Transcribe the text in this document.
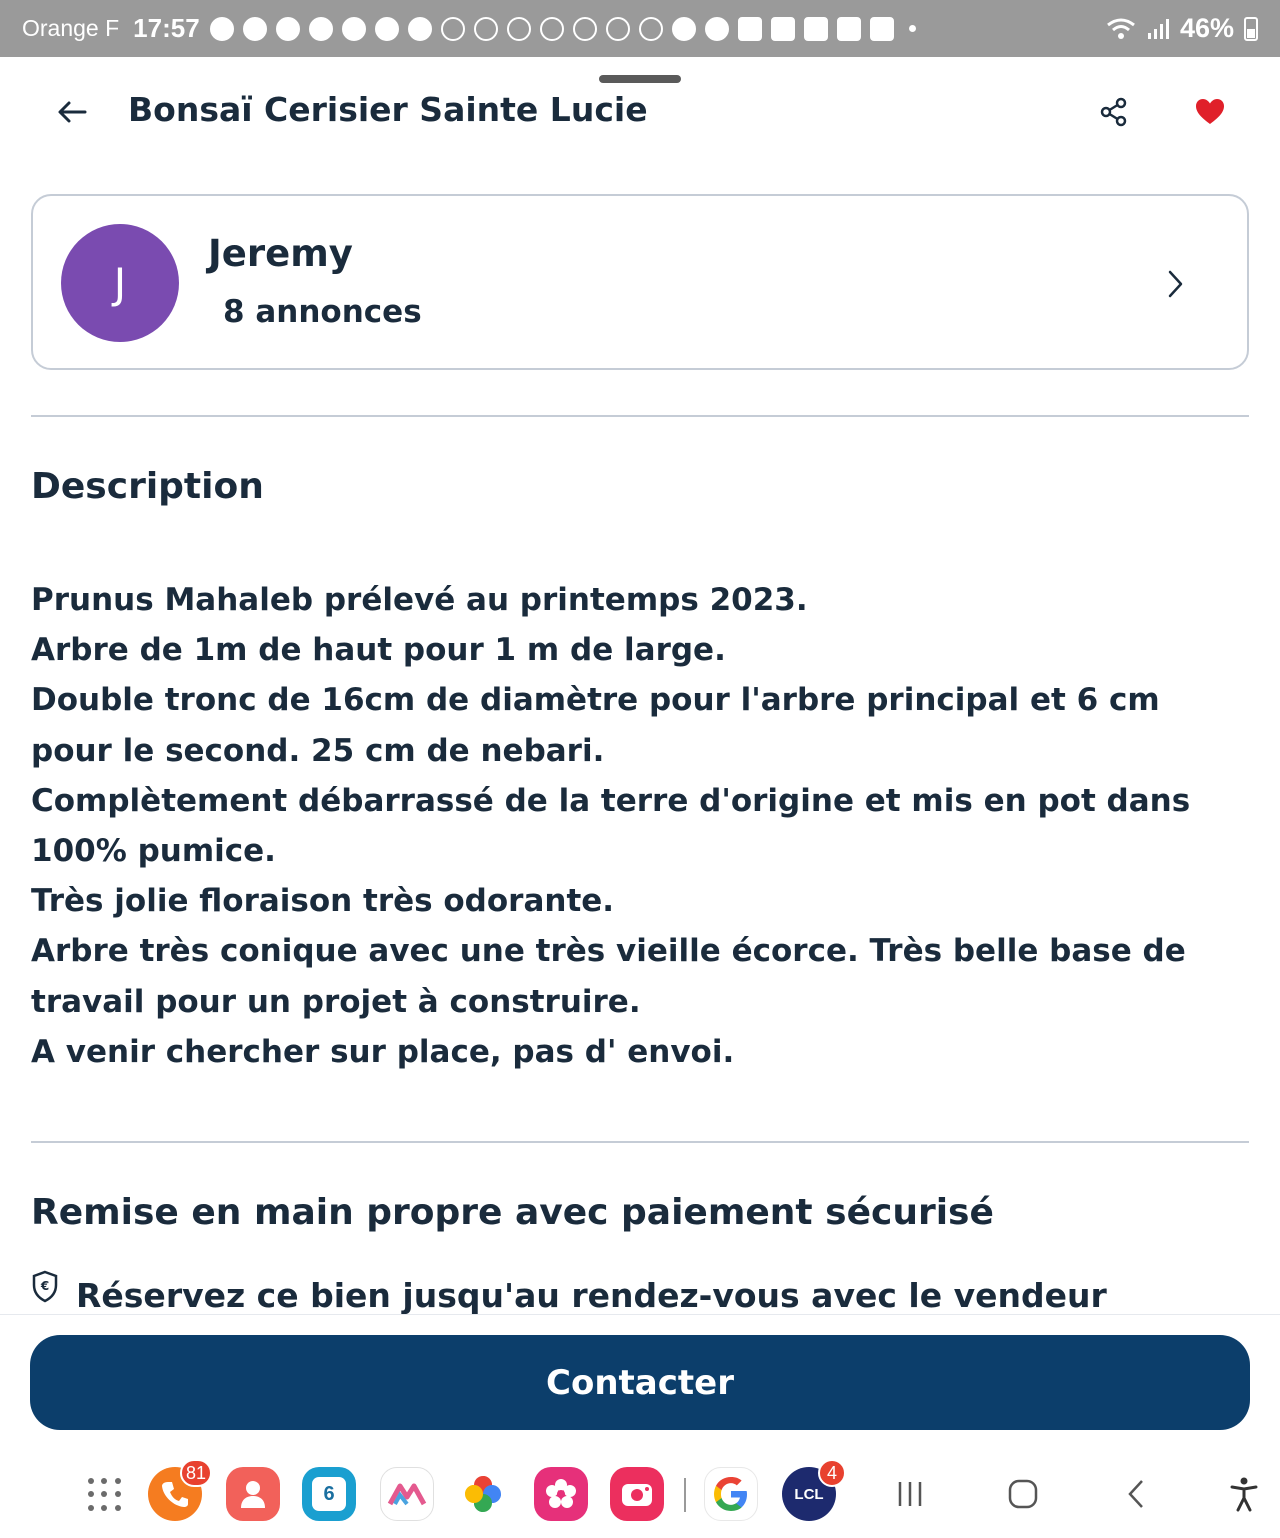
Orange F 17:57	46%
Bonsaï Cerisier Sainte Lucie
J
Jeremy
8 annonces
Description
Prunus Mahaleb prélevé au printemps 2023.
Arbre de 1m de haut pour 1 m de large.
Double tronc de 16cm de diamètre pour l'arbre principal et 6 cm
pour le second. 25 cm de nebari.
Complètement débarrassé de la terre d'origine et mis en pot dans
100% pumice.
Très jolie floraison très odorante.
Arbre très conique avec une très vieille écorce. Très belle base de
travail pour un projet à construire.
A venir chercher sur place, pas d' envoi.
Remise en main propre avec paiement sécurisé
€ Réservez ce bien jusqu'au rendez-vous avec le vendeur
Contacter
81
6	LCL
4
